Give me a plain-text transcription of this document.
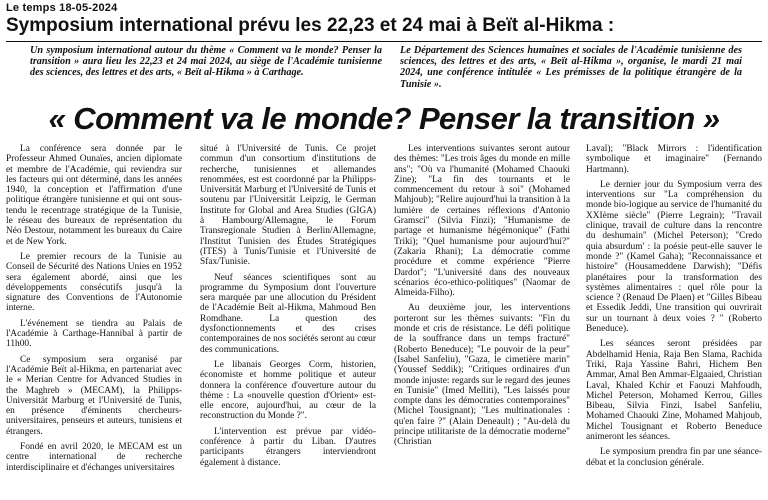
Le temps 18-05-2024
Symposium international prévu les 22,23 et 24 mai à Beït al-Hikma :

Un symposium international autour du thème « Comment va le monde? Penser la transition » aura lieu les 22,23 et 24 mai 2024, au siège de l'Académie tunisienne des sciences, des lettres et des arts, « Beït al-Hikma » à Carthage.

Le Département des Sciences humaines et sociales de l'Académie tunisienne des sciences, des lettres et des arts, « Beït al-Hikma », organise, le mardi 21 mai 2024, une conférence intitulée « Les prémisses de la politique étrangère de la Tunisie ».

« Comment va le monde? Penser la transition »

La conférence sera donnée par le Professeur Ahmed Ounaïes, ancien diplomate et membre de l'Académie, qui reviendra sur les facteurs qui ont déterminé, dans les années 1940, la conception et l'affirmation d'une politique étrangère tunisienne et qui ont sous-tendu le recentrage stratégique de la Tunisie, le réseau des bureaux de représentation du Néo Destour, notamment les bureaux du Caire et de New York.

Le premier recours de la Tunisie au Conseil de Sécurité des Nations Unies en 1952 sera également abordé, ainsi que les développements consécutifs jusqu'à la signature des Conventions de l'Autonomie interne.

L'événement se tiendra au Palais de l'Académie à Carthage-Hannibal à partir de 11h00.

Ce symposium sera organisé par l'Académie Beït al-Hikma, en partenariat avec le « Merian Centre for Advanced Studies in the Maghreb » (MECAM), la Philipps-Universität Marburg et l'Université de Tunis, en présence d'éminents chercheurs-universitaires, penseurs et auteurs, tunisiens et étrangers.

Fondé en avril 2020, le MECAM est un centre international de recherche interdisciplinaire et d'échanges universitaires

situé à l'Université de Tunis. Ce projet commun d'un consortium d'institutions de recherche, tunisiennes et allemandes renommées, est est coordonné par la Philipps-Universität Marburg et l'Université de Tunis et soutenu par l'Universität Leipzig, le German Institute for Global and Area Studies (GIGA) à Hambourg/Allemagne, le Forum Transregionale Studien à Berlin/Allemagne, l'Institut Tunisien des Études Stratégiques (ITES) à Tunis/Tunisie et l'Université de Sfax/Tunisie.

Neuf séances scientifiques sont au programme du Symposium dont l'ouverture sera marquée par une allocution du Président de l'Académie Beït al-Hikma, Mahmoud Ben Romdhane. La question des dysfonctionnements et des crises contemporaines de nos sociétés seront au cœur des communications.

Le libanais Georges Corm, historien, économiste et homme politique et auteur donnera la conférence d'ouverture autour du thème : La «nouvelle question d'Orient» est-elle encore, aujourd'hui, au cœur de la reconstruction du Monde ?".

L'intervention est prévue par vidéo-conférence à partir du Liban. D'autres participants étrangers interviendront également à distance.

Les interventions suivantes seront autour des thèmes: "Les trois âges du monde en mille ans"; "Où va l'humanité (Mohamed Chaouki Zine); "La fin des tournants et le commencement du retour à soi" (Mohamed Mahjoub); "Relire aujourd'hui la transition à la lumière de certaines réflexions d'Antonio Gramsci" (Silvia Finzi); "Humanisme de partage et humanisme hégémonique" (Fathi Triki); "Quel humanisme pour aujourd'hui?" (Zakaria Rhani); La démocratie comme procédure et comme expérience "Pierre Dardot"; "L'université dans des nouveaux scénarios éco-ethico-politiques" (Naomar de Almeida-Filho).

Au deuxième jour, les interventions porteront sur les thèmes suivants: "Fin du monde et cris de résistance. Le défi politique de la souffrance dans un temps fracturé" (Roberto Beneduce); "Le pouvoir de la peur" (Isabel Sanfeliu), "Gaza, le cimetière marin" (Youssef Seddik); "Critiques ordinaires d'un monde injuste: regards sur le regard des jeunes en Tunisie" (Imed Melliti), "Les laissés pour compte dans les démocraties contemporaines" (Michel Tousignant); "Les multinationales : qu'en faire ?" (Alain Deneault) ; "Au-delà du principe utilitariste de la démocratie moderne" (Christian

Laval); "Black Mirrors : l'identification symbolique et imaginaire" (Fernando Hartmann).

Le dernier jour du Symposium verra des interventions sur "La compréhension du monde bio-logique au service de l'humanité du XXIème siècle" (Pierre Legrain); "Travail clinique, travail de culture dans la rencontre du deshumain" (Michel Peterson); "Credo quia absurdum' : la poésie peut-elle sauver le monde ?" (Kamel Gaha); "Reconnaissance et histoire" (Housameddene Darwish); "Défis planétaires pour la transformation des systèmes alimentaires : quel rôle pour la science ? (Renaud De Plaen) et "Gilles Bibeau et Essedik Jeddi, Une transition qui ouvrirait sur un tournant à deux voies ? " (Roberto Beneduce).

Les séances seront présidées par Abdelhamid Henia, Raja Ben Slama, Rachida Triki, Raja Yassine Bahri, Hichem Ben Ammar, Amal Ben Ammar-Elgaaied, Christian Laval, Khaled Kchir et Faouzi Mahfoudh, Michel Peterson, Mohamed Kerrou, Gilles Bibeau, Silvia Finzi, Isabel Sanfeliu, Mohamed Chaouki Zine, Mohamed Mahjoub, Michel Tousignant et Roberto Beneduce animeront les séances.

Le symposium prendra fin par une séance-débat et la conclusion générale.
